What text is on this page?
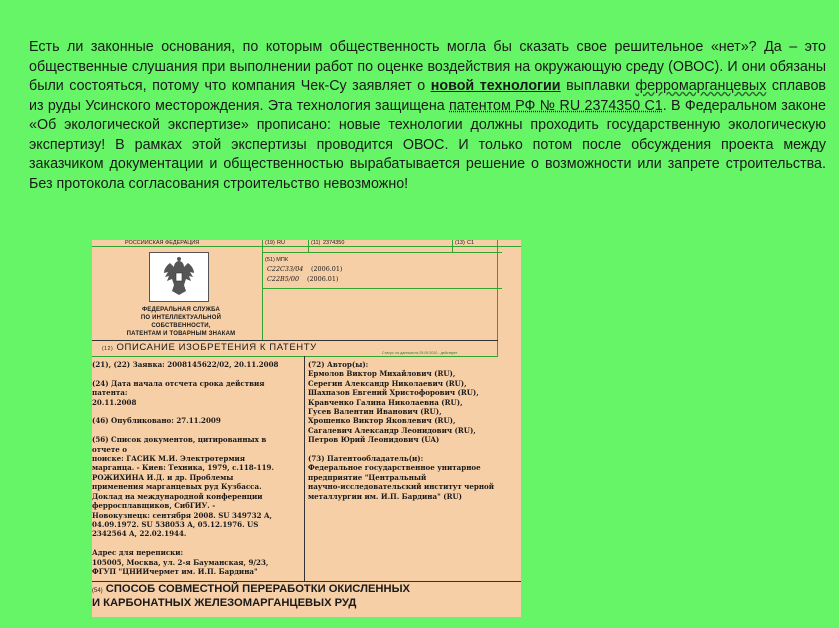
Есть ли законные основания, по которым общественность могла бы сказать свое решительное «нет»? Да – это общественные слушания при выполнении работ по оценке воздействия на окружающую среду (ОВОС). И они обязаны были состояться, потому что компания Чек-Су заявляет о новой технологии выплавки ферромарганцевых сплавов из руды Усинского месторождения. Эта технология защищена патентом РФ № RU 2374350 С1. В Федеральном законе «Об экологической экспертизе» прописано: новые технологии должны проходить государственную экологическую экспертизу! В рамках этой экспертизы проводится ОВОС. И только потом после обсуждения проекта между заказчиком документации и общественностью вырабатывается решение о возможности или запрете строительства. Без протокола согласования строительство невозможно!

РОССИЙСКАЯ ФЕДЕРАЦИЯ	(19) RU	(11) 2374350	(13) C1
(51) МПК
C22C33/04 (2006.01)
C22B5/00 (2006.01)
ФЕДЕРАЛЬНАЯ СЛУЖБА
ПО ИНТЕЛЛЕКТУАЛЬНОЙ
СОБСТВЕННОСТИ,
ПАТЕНТАМ И ТОВАРНЫМ ЗНАКАМ
(12) ОПИСАНИЕ ИЗОБРЕТЕНИЯ К ПАТЕНТУ	Статус: по данным на 29.09.2010 - действует
(21), (22) Заявка: 2008145622/02, 20.11.2008

(24) Дата начала отсчета срока действия
патента:
20.11.2008

(46) Опубликовано: 27.11.2009

(56) Список документов, цитированных в
отчете о
поиске: ГАСИК М.И. Электротермия
марганца. - Киев: Техника, 1979, с.118-119.
РОЖИХИНА И.Д. и др. Проблемы
применения марганцевых руд Кузбасса.
Доклад на международной конференции
ферросплавщиков, СибГИУ. -
Новокузнецк: сентября 2008. SU 349732 A,
04.09.1972. SU 538053 A, 05.12.1976. US
2342564 A, 22.02.1944.

Адрес для переписки:
105005, Москва, ул. 2-я Бауманская, 9/23,
ФГУП "ЦНИИчермет им. И.П. Бардина"
(72) Автор(ы):
Ермолов Виктор Михайлович (RU),
Серегин Александр Николаевич (RU),
Шахпазов Евгений Христофорович (RU),
Кравченко Галина Николаевна (RU),
Гусев Валентин Иванович (RU),
Хрошенко Виктор Яковлевич (RU),
Сагалевич Александр Леонидович (RU),
Петров Юрий Леонидович (UA)

(73) Патентообладатель(и):
Федеральное государственное унитарное
предприятие "Центральный
научно-исследовательский институт черной
металлургии им. И.П. Бардина" (RU)
(54) СПОСОБ СОВМЕСТНОЙ ПЕРЕРАБОТКИ ОКИСЛЕННЫХ
И КАРБОНАТНЫХ ЖЕЛЕЗОМАРГАНЦЕВЫХ РУД
